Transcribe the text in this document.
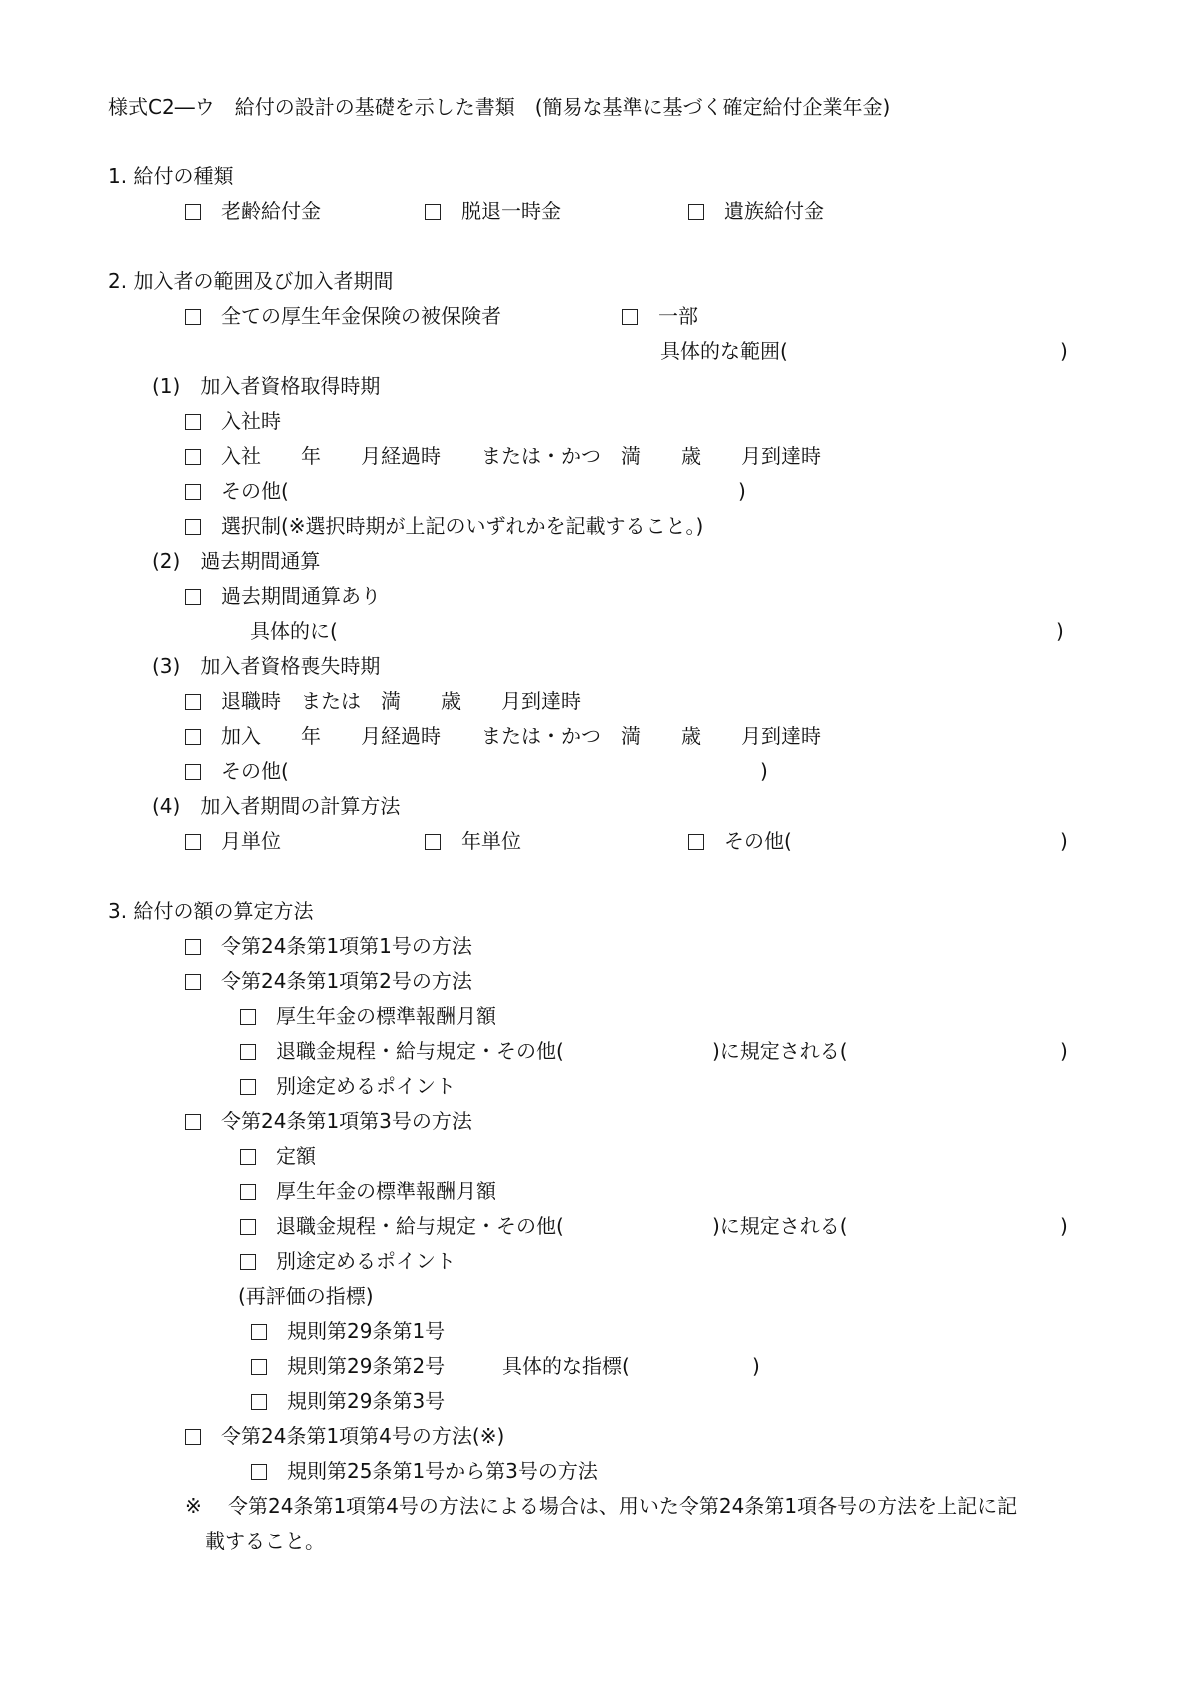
様式C2―ウ　給付の設計の基礎を示した書類　(簡易な基準に基づく確定給付企業年金)
1. 給付の種類
　老齢給付金
　	脱退一時金
　	遺族給付金
2. 加入者の範囲及び加入者期間
　全ての厚生年金保険の被保険者
　	一部
具体的な範囲(	)
(1)　加入者資格取得時期
　入社時
　入社　　年　　月経過時　　または・かつ　満　　歳　　月到達時
　その他(	)
　選択制(※選択時期が上記のいずれかを記載すること。)
(2)　過去期間通算
　過去期間通算あり
具体的に(	)
(3)　加入者資格喪失時期
　退職時　または　満　　歳　　月到達時
　加入　　年　　月経過時　　または・かつ　満　　歳　　月到達時
　その他(	)
(4)　加入者期間の計算方法
　月単位
　	年単位
　	その他(	)
3. 給付の額の算定方法
　令第24条第1項第1号の方法
　令第24条第1項第2号の方法
　厚生年金の標準報酬月額
　退職金規程・給与規定・その他(	)に規定される(	)
　別途定めるポイント
　令第24条第1項第3号の方法
　定額
　厚生年金の標準報酬月額
　退職金規程・給与規定・その他(	)に規定される(	)
　別途定めるポイント
(再評価の指標)
　規則第29条第1号
　規則第29条第2号	具体的な指標(	)
　規則第29条第3号
　令第24条第1項第4号の方法(※)
　規則第25条第1号から第3号の方法
※ 令第24条第1項第4号の方法による場合は、用いた令第24条第1項各号の方法を上記に記
載すること。
